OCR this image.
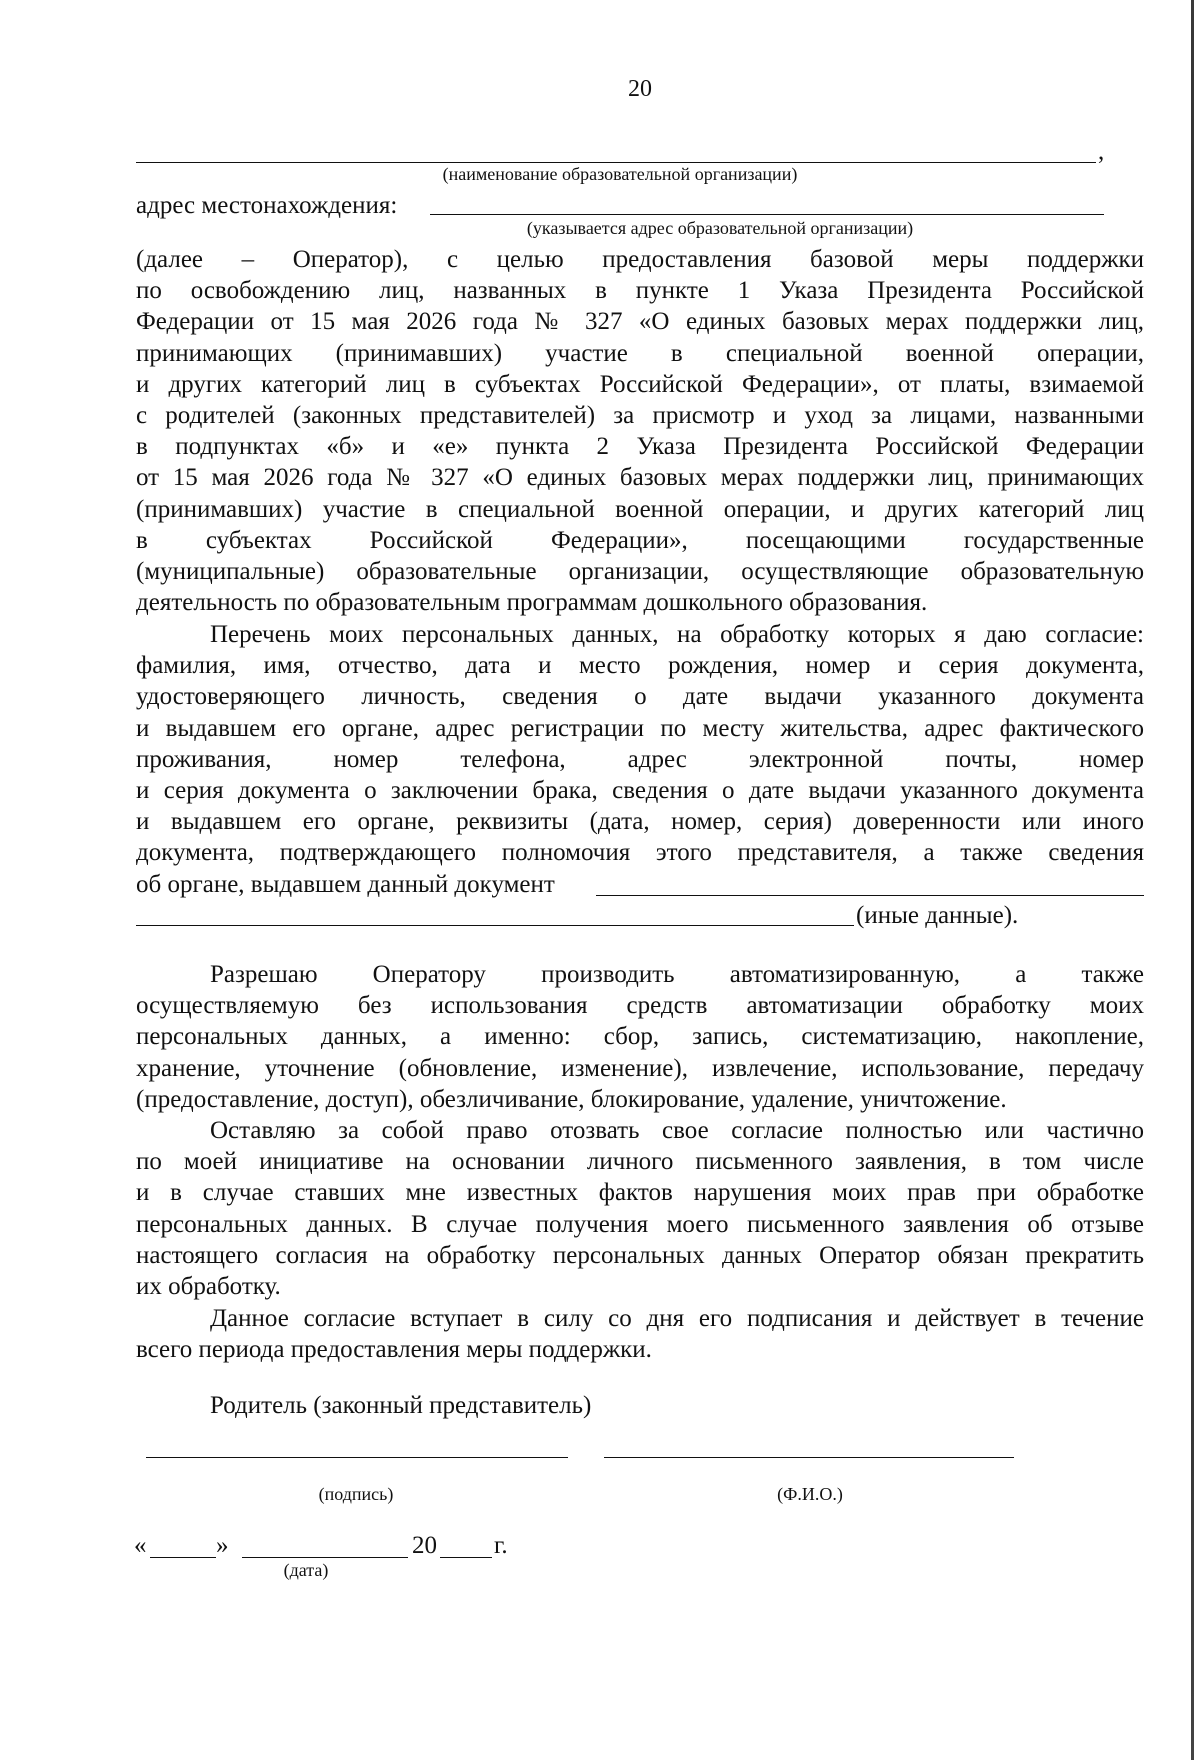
20
,
(наименование образовательной организации)
адрес местонахождения:
(указывается адрес образовательной организации)
(далее – Оператор), с целью предоставления базовой меры поддержки
по освобождению лиц, названных в пункте 1 Указа Президента Российской
Федерации от 15 мая 2026 года № 327 «О единых базовых мерах поддержки лиц,
принимающих (принимавших) участие в специальной военной операции,
и других категорий лиц в субъектах Российской Федерации», от платы, взимаемой
с родителей (законных представителей) за присмотр и уход за лицами, названными
в подпунктах «б» и «е» пункта 2 Указа Президента Российской Федерации
от 15 мая 2026 года № 327 «О единых базовых мерах поддержки лиц, принимающих
(принимавших) участие в специальной военной операции, и других категорий лиц
в субъектах Российской Федерации», посещающими государственные
(муниципальные) образовательные организации, осуществляющие образовательную
деятельность по образовательным программам дошкольного образования.
Перечень моих персональных данных, на обработку которых я даю согласие:
фамилия, имя, отчество, дата и место рождения, номер и серия документа,
удостоверяющего личность, сведения о дате выдачи указанного документа
и выдавшем его органе, адрес регистрации по месту жительства, адрес фактического
проживания, номер телефона, адрес электронной почты, номер
и серия документа о заключении брака, сведения о дате выдачи указанного документа
и выдавшем его органе, реквизиты (дата, номер, серия) доверенности или иного
документа, подтверждающего полномочия этого представителя, а также сведения
об органе, выдавшем данный документ
(иные данные).
Разрешаю Оператору производить автоматизированную, а также
осуществляемую без использования средств автоматизации обработку моих
персональных данных, а именно: сбор, запись, систематизацию, накопление,
хранение, уточнение (обновление, изменение), извлечение, использование, передачу
(предоставление, доступ), обезличивание, блокирование, удаление, уничтожение.
Оставляю за собой право отозвать свое согласие полностью или частично
по моей инициативе на основании личного письменного заявления, в том числе
и в случае ставших мне известных фактов нарушения моих прав при обработке
персональных данных. В случае получения моего письменного заявления об отзыве
настоящего согласия на обработку персональных данных Оператор обязан прекратить
их обработку.
Данное согласие вступает в силу со дня его подписания и действует в течение
всего периода предоставления меры поддержки.
Родитель (законный представитель)
(подпись)	(Ф.И.О.)
«	»	20 г.
(дата)
